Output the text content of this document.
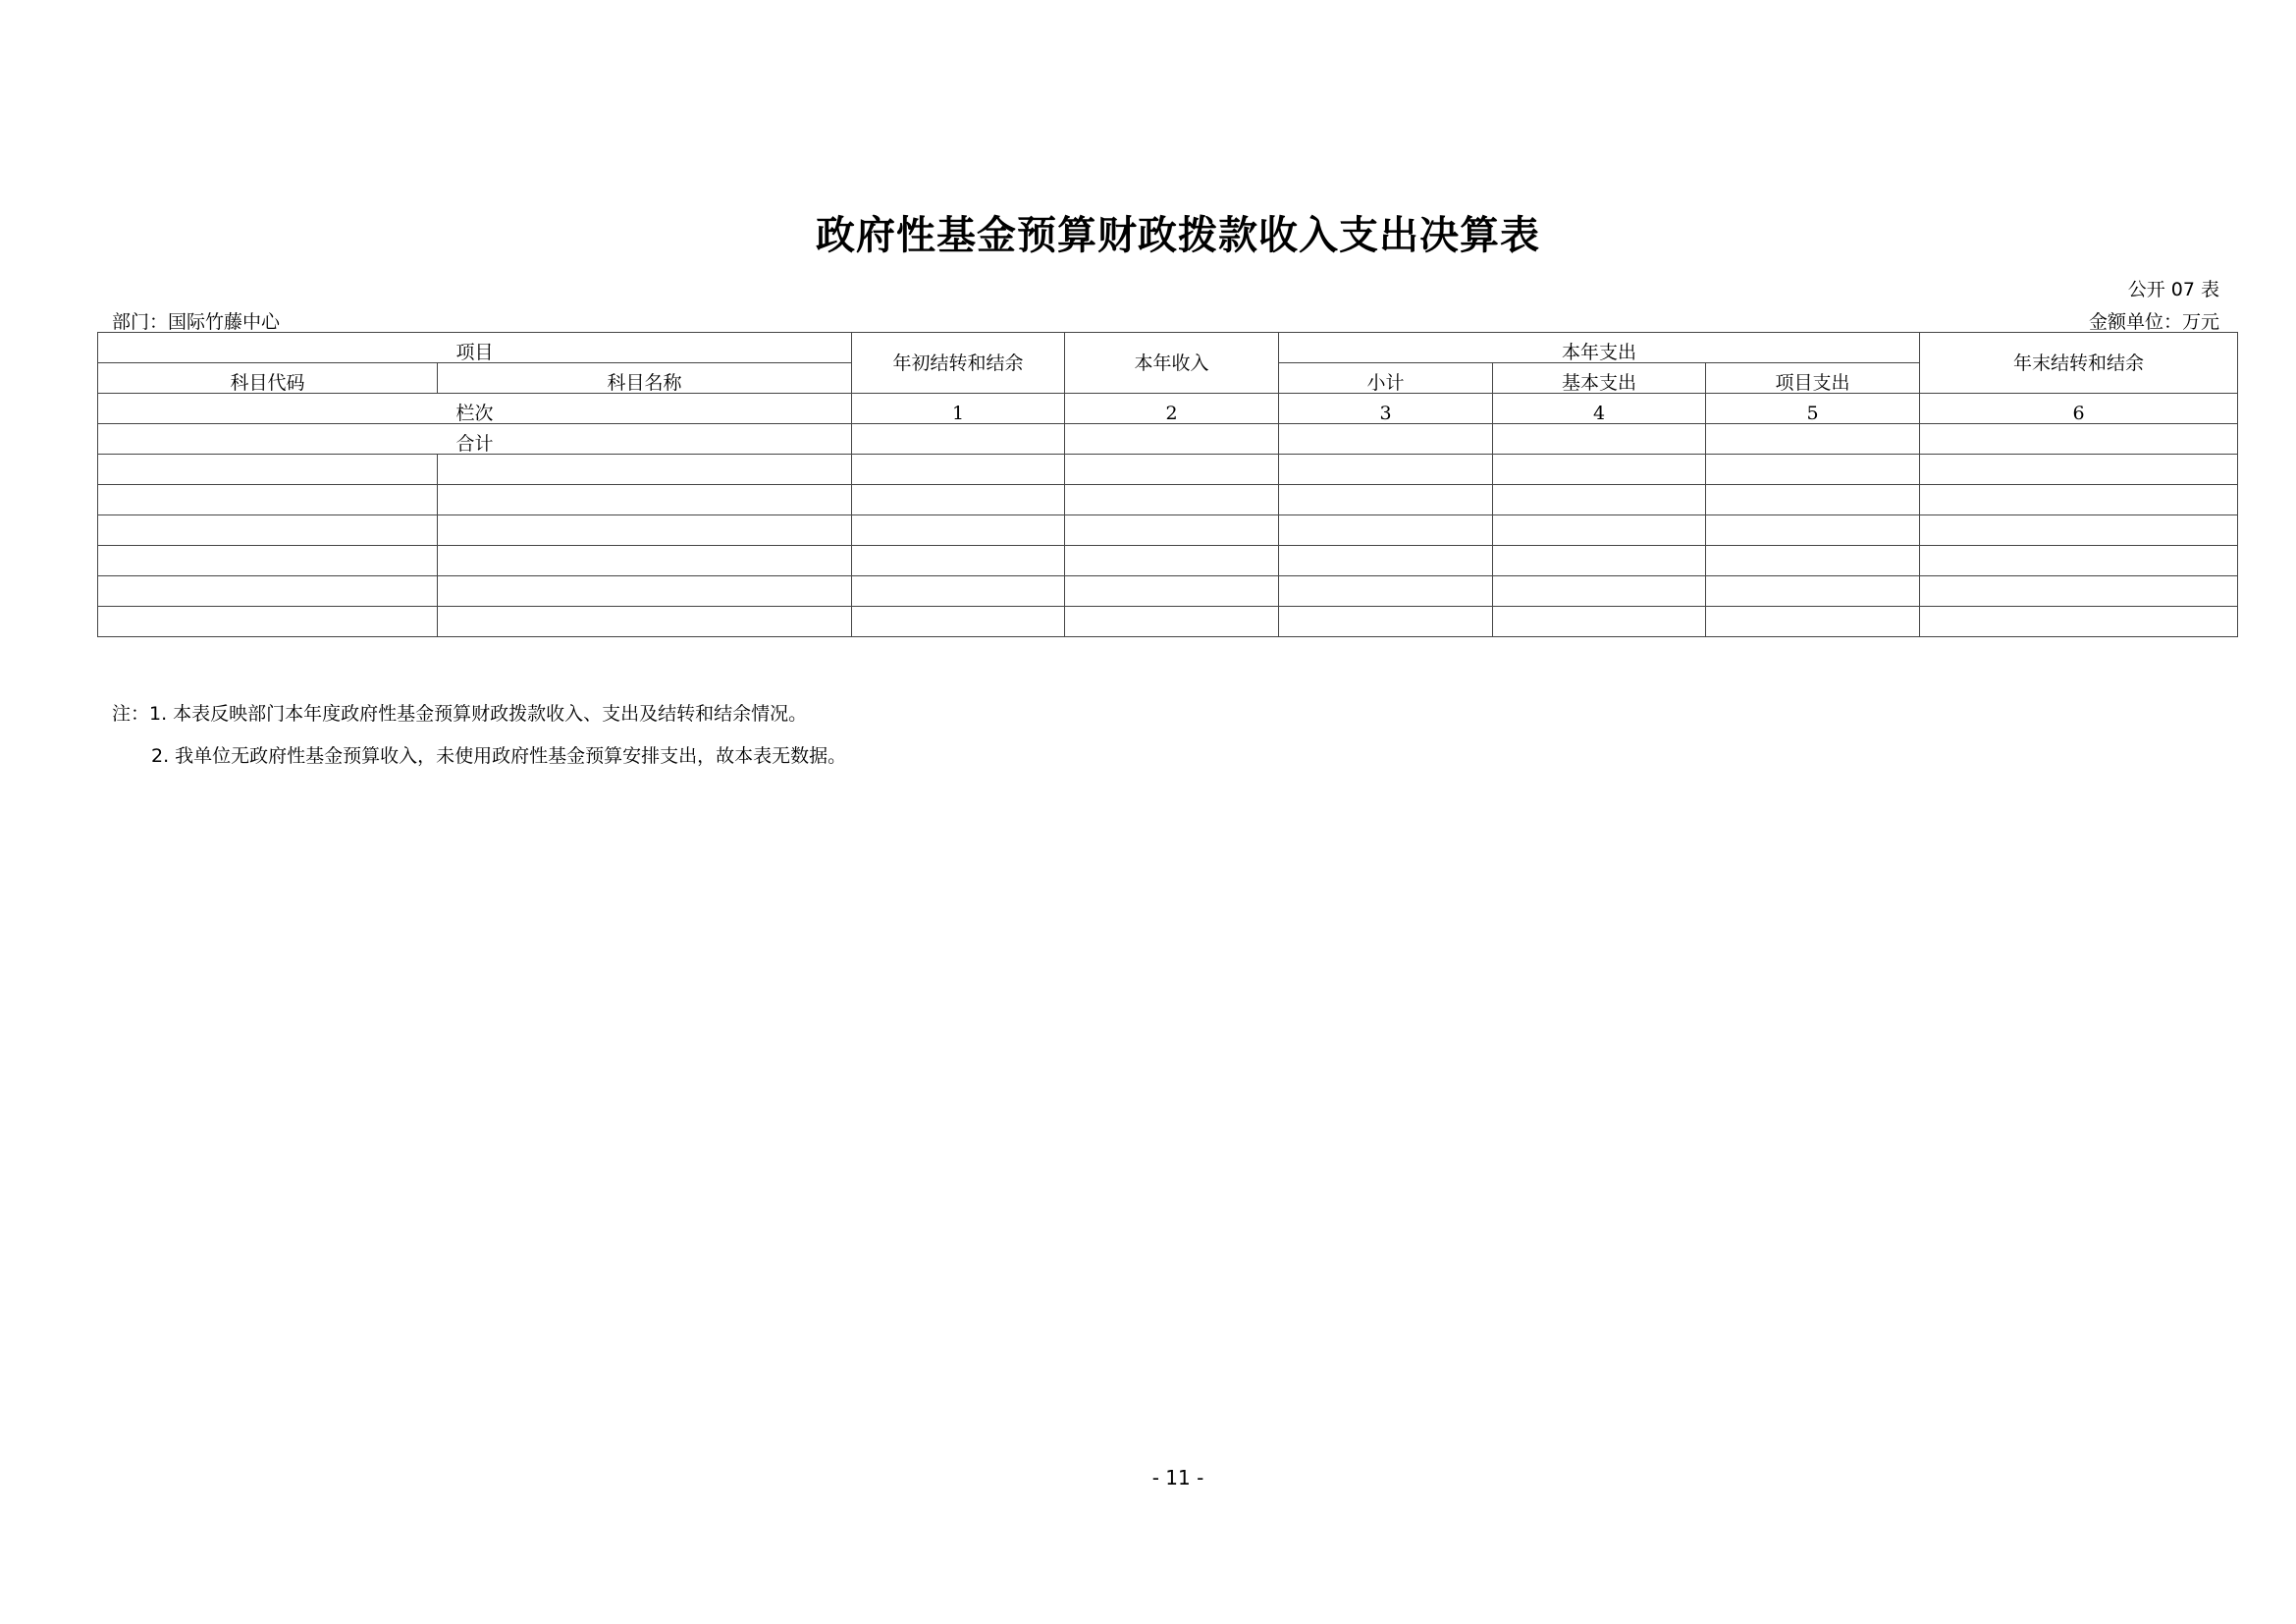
政府性基金预算财政拨款收入支出决算表
公开 07 表
部门：国际竹藤中心	金额单位：万元
项目		年初结转和结余	本年收入	本年支出			年末结转和结余
科目代码	科目名称			小计	基本支出	项目支出	
栏次		1	2	3	4	5	6
合计							

注：1. 本表反映部门本年度政府性基金预算财政拨款收入、支出及结转和结余情况。
2. 我单位无政府性基金预算收入，未使用政府性基金预算安排支出，故本表无数据。
- 11 -
